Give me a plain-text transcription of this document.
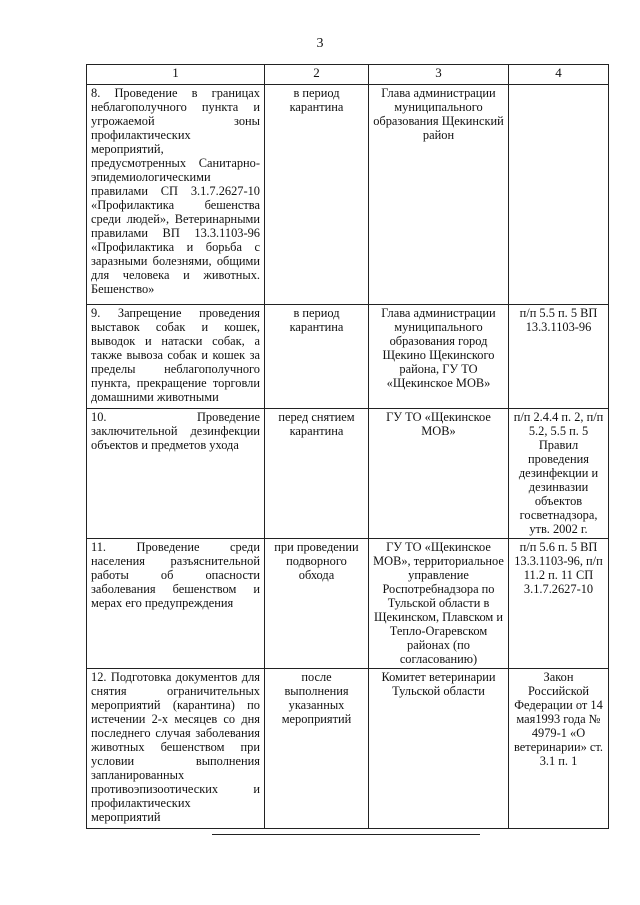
3
1	2	3	4
8. Проведение в границах неблагополучного пункта и угрожаемой зоны профилактических мероприятий, предусмотренных Санитарно-эпидемиологическими правилами СП 3.1.7.2627-10 «Профилактика бешенства среди людей», Ветеринарными правилами ВП 13.3.1103-96 «Профилактика и борьба с заразными болезнями, общими для человека и животных. Бешенство»	в период карантина	Глава администрации муниципального образования Щекинский район	
9. Запрещение проведения выставок собак и кошек, выводок и натаски собак, а также вывоза собак и кошек за пределы неблагополучного пункта, прекращение торговли домашними животными	в период карантина	Глава администрации муниципального образования город Щекино Щекинского района, ГУ ТО «Щекинское МОВ»	п/п 5.5 п. 5 ВП 13.3.1103-96
10. Проведение заключительной дезинфекции объектов и предметов ухода	перед снятием карантина	ГУ ТО «Щекинское МОВ»	п/п 2.4.4 п. 2, п/п 5.2, 5.5 п. 5 Правил проведения дезинфекции и дезинвазии объектов госветнадзора, утв. 2002 г.
11. Проведение среди населения разъяснительной работы об опасности заболевания бешенством и мерах его предупреждения	при проведении подворного обхода	ГУ ТО «Щекинское МОВ», территориальное управление Роспотребнадзора по Тульской области в Щекинском, Плавском и Тепло-Огаревском районах (по согласованию)	п/п 5.6 п. 5 ВП 13.3.1103-96, п/п 11.2 п. 11 СП 3.1.7.2627-10
12. Подготовка документов для снятия ограничительных мероприятий (карантина) по истечении 2-х месяцев со дня последнего случая заболевания животных бешенством при условии выполнения запланированных противоэпизоотических и профилактических мероприятий	после выполнения указанных мероприятий	Комитет ветеринарии Тульской области	Закон Российской Федерации от 14 мая1993 года № 4979-1 «О ветеринарии» ст. 3.1 п. 1
